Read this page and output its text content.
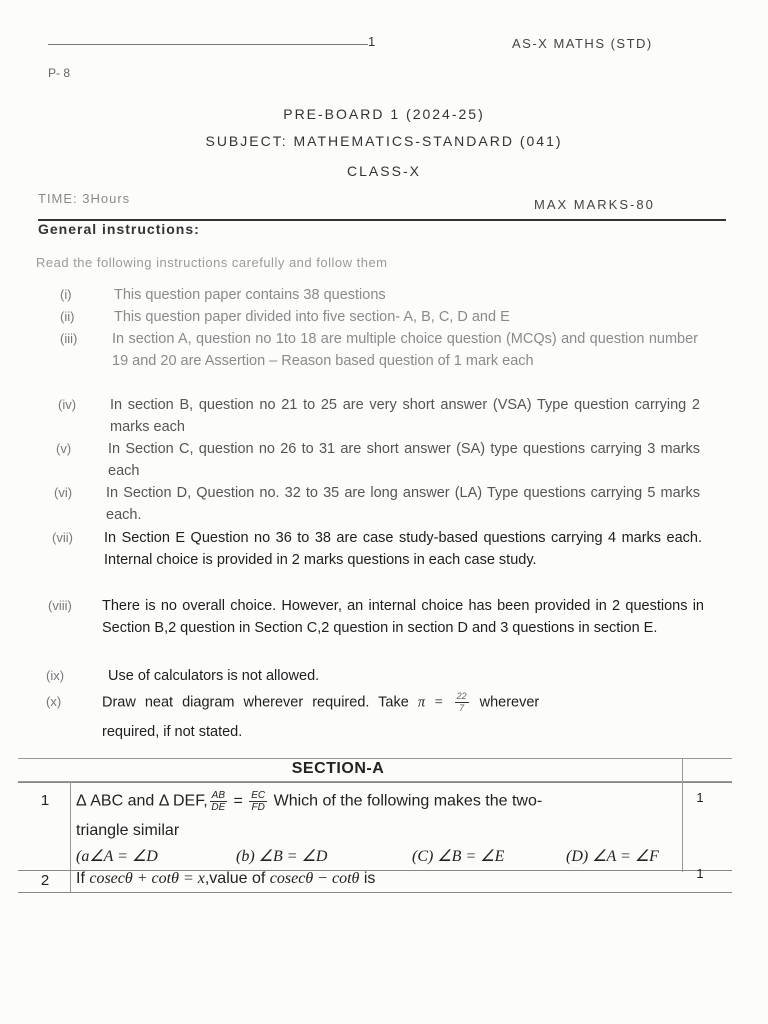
1	AS-X MATHS (STD)
P- 8
PRE-BOARD 1 (2024-25)
SUBJECT: MATHEMATICS-STANDARD (041)
CLASS-X
TIME: 3Hours	MAX MARKS-80
General instructions:
Read the following instructions carefully and follow them
(i)	This question paper contains 38 questions
(ii)	This question paper divided into five section- A, B, C, D and E
(iii)	In section A, question no 1to 18 are multiple choice question (MCQs) and question number 19 and 20 are Assertion – Reason based question of 1 mark each
(iv)	In section B, question no 21 to 25 are very short answer (VSA) Type question carrying 2 marks each
(v)	In Section C, question no 26 to 31 are short answer (SA) type questions carrying 3 marks each
(vi)	In Section D, Question no. 32 to 35 are long answer (LA) Type questions carrying 5 marks each.
(vii)	In Section E Question no 36 to 38 are case study-based questions carrying 4 marks each. Internal choice is provided in 2 marks questions in each case study.
(viii)	There is no overall choice. However, an internal choice has been provided in 2 questions in Section B,2 question in Section C,2 question in section D and 3 questions in section E.
(ix)	Use of calculators is not allowed.
(x)	Draw neat diagram wherever required. Take $\pi = \frac{22}{7}$ wherever
required, if not stated.
SECTION-A
1	Δ ABC and Δ DEF, $\frac{AB}{DE} = \frac{EC}{FD}$ Which of the following makes the two-
triangle similar
(a∠A = ∠D	(b) ∠B = ∠D	(C) ∠B = ∠E	(D) ∠A = ∠F
1
2	If cosecθ + cotθ = x,value of cosecθ − cotθ is	1
